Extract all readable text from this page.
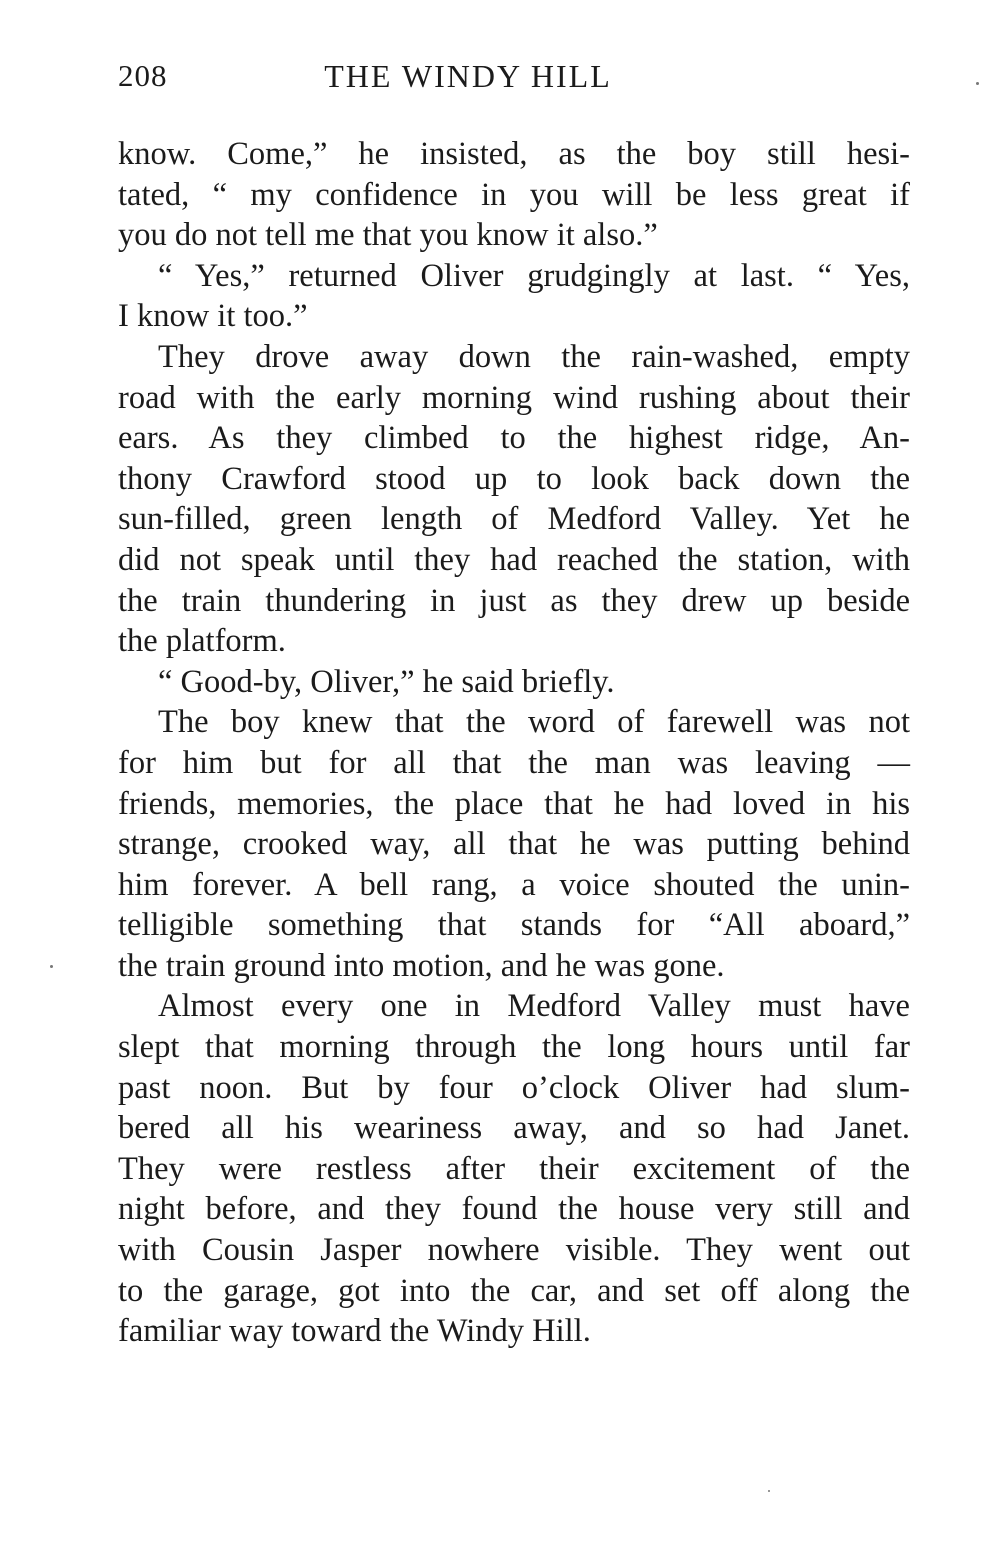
208	THE WINDY HILL
know. Come,” he insisted, as the boy still hesi-
tated, “ my confidence in you will be less great if
you do not tell me that you know it also.”
“ Yes,” returned Oliver grudgingly at last. “ Yes,
I know it too.”
They drove away down the rain-washed, empty
road with the early morning wind rushing about their
ears. As they climbed to the highest ridge, An-
thony Crawford stood up to look back down the
sun-filled, green length of Medford Valley. Yet he
did not speak until they had reached the station, with
the train thundering in just as they drew up beside
the platform.
“ Good-by, Oliver,” he said briefly.
The boy knew that the word of farewell was not
for him but for all that the man was leaving —
friends, memories, the place that he had loved in his
strange, crooked way, all that he was putting behind
him forever. A bell rang, a voice shouted the unin-
telligible something that stands for “All aboard,”
the train ground into motion, and he was gone.
Almost every one in Medford Valley must have
slept that morning through the long hours until far
past noon. But by four o’clock Oliver had slum-
bered all his weariness away, and so had Janet.
They were restless after their excitement of the
night before, and they found the house very still and
with Cousin Jasper nowhere visible. They went out
to the garage, got into the car, and set off along the
familiar way toward the Windy Hill.
